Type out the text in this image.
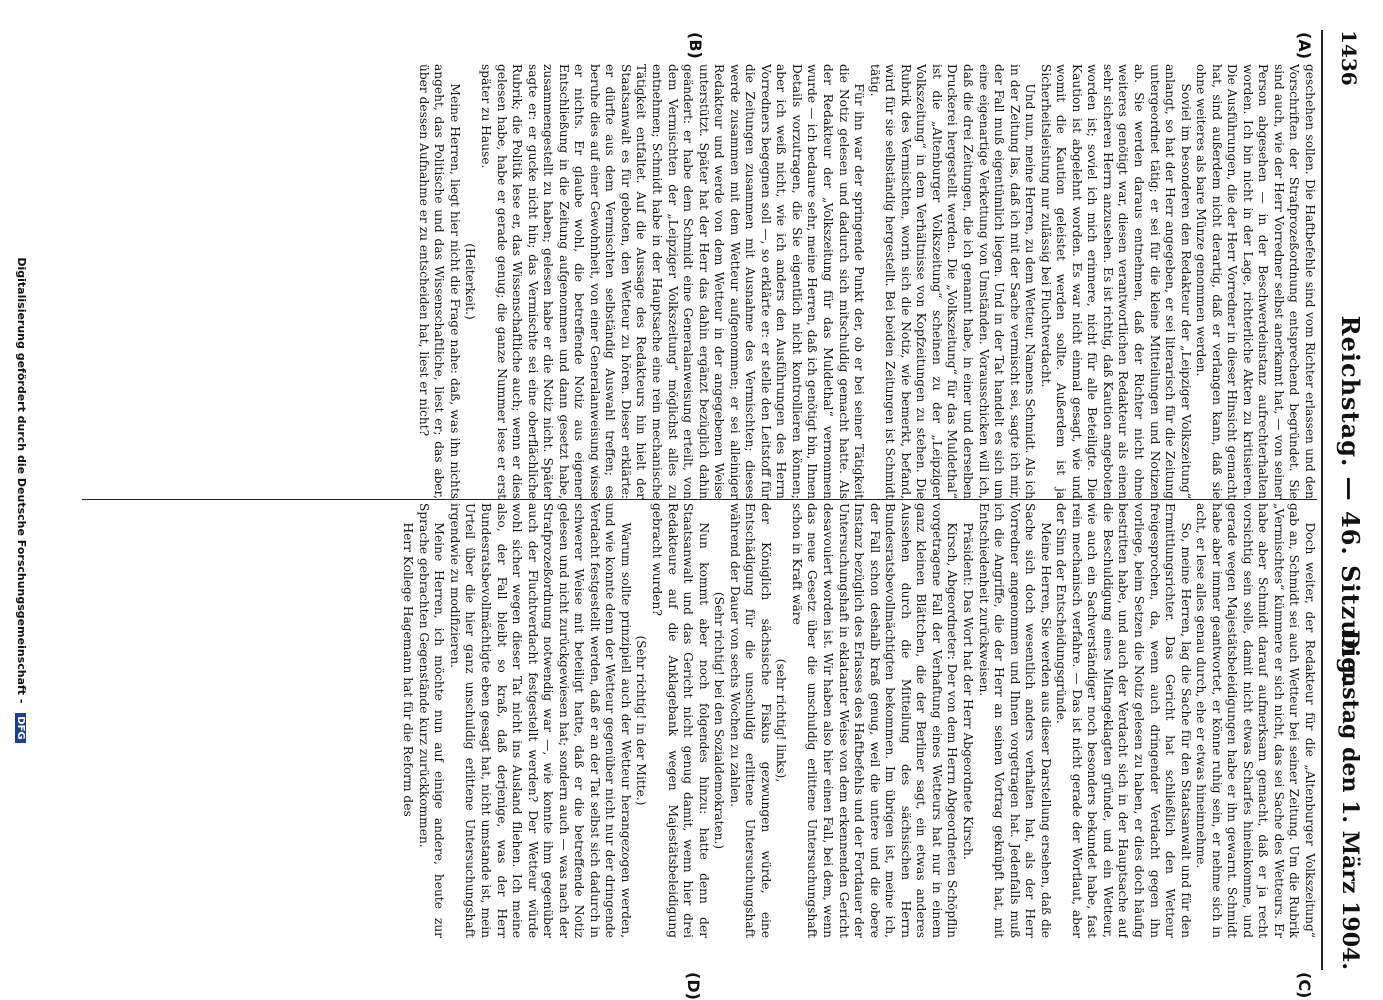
1436
Reichstag. — 46. Sitzung.
Dienstag den 1. März 1904.
(A)
(B)
(C)
(D)

geschehen sollen. Die Haftbefehle sind vom Richter erlassen und den Vorschriften der Strafprozeßordnung entsprechend begründet. Sie sind auch, wie der Herr Vorredner selbst anerkannt hat, — von seiner Person abgesehen — in der Beschwerdeinstanz aufrechterhalten worden. Ich bin nicht in der Lage, richterliche Akten zu kritisieren. Die Ausführungen, die der Herr Vorredner in dieser Hinsicht gemacht hat, sind außerdem nicht derartig, daß er verlangen kann, daß sie ohne weiteres als bare Münze genommen werden.

Soviel im besonderen den Redakteur der „Leipziger Volkszeitung“ anlangt, so hat der Herr angegeben, er sei literarisch für die Zeitung untergeordnet tätig; er sei für die kleine Mitteilungen und Notizen ab. Sie werden daraus entnehmen, daß der Richter nicht ohne weiteres genötigt war, diesen verantwortlichen Redakteur als einen sehr sicheren Herrn anzusehen. Es ist richtig, daß Kaution angeboten worden ist; soviel ich mich erinnere, nicht für alle Beteiligte. Die Kaution ist abgelehnt worden. Es war nicht einmal gesagt, wie und womit die Kaution geleistet werden sollte. Außerdem ist ja Sicherheitsleistung nur zulässig bei Fluchtverdacht.

Und nun, meine Herren, zu dem Wetteur, Namens Schmidt. Als ich in der Zeitung las, daß ich mit der Sache vermischt sei, sagte ich mir, der Fall muß eigentümlich liegen. Und in der Tat handelt es sich um eine eigenartige Verkettung von Umständen. Vorausschicken will ich, daß die drei Zeitungen, die ich genannt habe, in einer und derselben Druckerei hergestellt werden. Die „Volkszeitung“ für das Muldethal“ ist die „Altenburger Volkszeitung“ scheinen zu der „Leipziger Volkszeitung“ in dem Verhältnisse von Kopfzeitungen zu stehen. Die Rubrik des Vermischten, worin sich die Notiz, wie bemerkt, befand, wird für sie selbständig hergestellt. Bei beiden Zeitungen ist Schmidt tätig.

Für ihn war der springende Punkt der, ob er bei seiner Tätigkeit die Notiz gelesen und dadurch sich mitschuldig gemacht hatte. Als der Redakteur der „Volkszeitung für das Muldethal“ vernommen wurde — ich bedaure sehr, meine Herren, daß ich genötigt bin, Ihnen Details vorzutragen, die Sie eigentlich nicht kontrollieren können; aber ich weiß nicht, wie ich anders den Ausführungen des Herrn Vorredners begegnen soll —, so erklärte er: er stelle den Leitstoff für die Zeitungen zusammen mit Ausnahme des Vermischten; dieses werde zusammen mit dem Wetteur aufgenommen; er sei alleiniger Redakteur und werde von dem Wetteur in der angegebenen Weise unterstützt. Später hat der Herr das dahin ergänzt bezüglich dahin geändert: er habe dem Schmidt eine Generalanweisung erteilt, von dem Vermischten der „Leipziger Volkszeitung“ möglichst alles zu entnehmen; Schmidt habe in der Hauptsache eine rein mechanische Tätigkeit entfaltet. Auf die Aussage des Redakteurs hin hielt der Staatsanwalt es für geboten, den Wetteur zu hören. Dieser erklärte: er dürfte aus dem Vermischten selbständig Auswahl treffen; es beruhe dies auf einer Gewohnheit, von einer Generalanweisung wisse er nichts. Er glaube wohl, die betreffende Notiz aus eigener Entschließung in die Zeitung aufgenommen und dann gesetzt habe, zusammengestellt zu haben; gelesen habe er die Notiz nicht. Später sagte er: er gucke nicht hin; das Vermischte sei eine oberflächliche Rubrik; die Politik lese er, das Wissenschaftliche auch; wenn er dies gelesen habe, habe er gerade genug; die ganze Nummer lese er erst später zu Hause.

(Heiterkeit.)

Meine Herren, liegt hier nicht die Frage nahe: daß, was ihn nichts angeht, das Politische und das Wissenschaftliche, liest er; das aber, über dessen Aufnahme er zu entscheiden hat, liest er nicht?

Doch weiter, der Redakteur für die „Altenburger Volkszeitung“ gab an, Schmidt sei auch Wetteur bei seiner Zeitung. Um die Rubrik „Vermischtes“ kümmere er sich nicht, das sei Sache des Wetteurs. Er habe aber Schmidt darauf aufmerksam gemacht, daß er ja recht vorsichtig sein solle, damit nicht etwas Scharfes hineinkomme, und gerade wegen Majestätsbeleidigungen habe er ihn gewarnt. Schmidt habe aber immer geantwortet, er könne ruhig sein, er nehme sich in acht, er lese alles genau durch, ehe er etwas hineinnehme.

So, meine Herren, lag die Sache für den Staatsanwalt und für den Ermittlungsrichter. Das Gericht hat schließlich den Wetteur freigesprochen, da, wenn auch dringender Verdacht gegen ihn vorliege, beim Setzen die Notiz gelesen zu haben, er dies doch häufig bestritten habe, und auch der Verdacht sich in der Hauptsache auf die Beschuldigung eines Mitangeklagten gründe, und ein Wetteur, wie auch ein Sachverständiger noch besonders bekundet habe, fast rein mechanisch verfahre. — Das ist nicht gerade der Wortlaut, aber der Sinn der Entscheidungsgründe.

Meine Herren, Sie werden aus dieser Darstellung ersehen, daß die Sache sich doch wesentlich anders verhalten hat, als der Herr Vorredner angenommen und Ihnen vorgetragen hat. Jedenfalls muß ich die Angriffe, die der Herr an seinen Vortrag geknüpft hat, mit Entschiedenheit zurückweisen.

Präsident: Das Wort hat der Herr Abgeordnete Kirsch.

Kirsch, Abgeordneter: Der von dem Herrn Abgeordneten Schöpflin vorgetragene Fall der Verhaftung eines Wetteurs hat nur in einem ganz kleinen Blättchen, die der Berliner sagt, ein etwas anderes Aussehen durch die Mitteilung des sächsischen Herrn Bundesratsbevollmächtigten bekommen. Im übrigen ist, meine ich, der Fall schon deshalb kraß genug, weil die untere und die obere Instanz bezüglich des Erlasses des Haftbefehls und der Fortdauer der Untersuchungshaft in eklatanter Weise von dem erkennenden Gericht desavouiert worden ist. Wir haben also hier einen Fall, bei dem, wenn das neue Gesetz über die unschuldig erlittene Untersuchungshaft schon in Kraft wäre

(sehr richtig! links),

der Königlich sächsische Fiskus gezwungen würde, eine Entschädigung für die unschuldig erlittene Untersuchungshaft während der Dauer von sechs Wochen zu zahlen.

(Sehr richtig! bei den Sozialdemokraten.)

Nun kommt aber noch folgendes hinzu: hatte denn der Staatsanwalt und das Gericht nicht genug damit, wenn hier drei Redakteure auf die Anklagebank wegen Majestätsbeleidigung gebracht wurden?

(Sehr richtig! in der Mitte.)

Warum sollte prinzipiell auch der Wetteur herangezogen werden, und wie konnte denn der Wetteur gegenüber nicht nur der dringende Verdacht festgestellt werden, daß er an der Tat selbst sich dadurch in schwerer Weise mit beteiligt hatte, daß er die betreffende Notiz gelesen und nicht zurückgewiesen hat; sondern auch — was nach der Strafprozeßordnung notwendig war —, wie konnte ihm gegenüber auch der Fluchtverdacht festgestellt werden? Der Wetteur würde wohl sicher wegen dieser Tat nicht ins Ausland fliehen. Ich meine also, der Fall bleibt so kraß, daß derjenige, was der Herr Bundesratsbevollmächtigte eben gesagt hat, nicht umstande ist, mein Urteil über die hier ganz unschuldig erlittene Untersuchungshaft irgendwie zu modifizieren.

Meine Herren, ich möchte nun auf einige andere, heute zur Sprache gebrachten Gegenstände kurz zurückkommen.

Herr Kollege Hagemann hat für die Reform des

Digitalisierung gefördert durch die Deutsche Forschungsgemeinschaft - DFG
